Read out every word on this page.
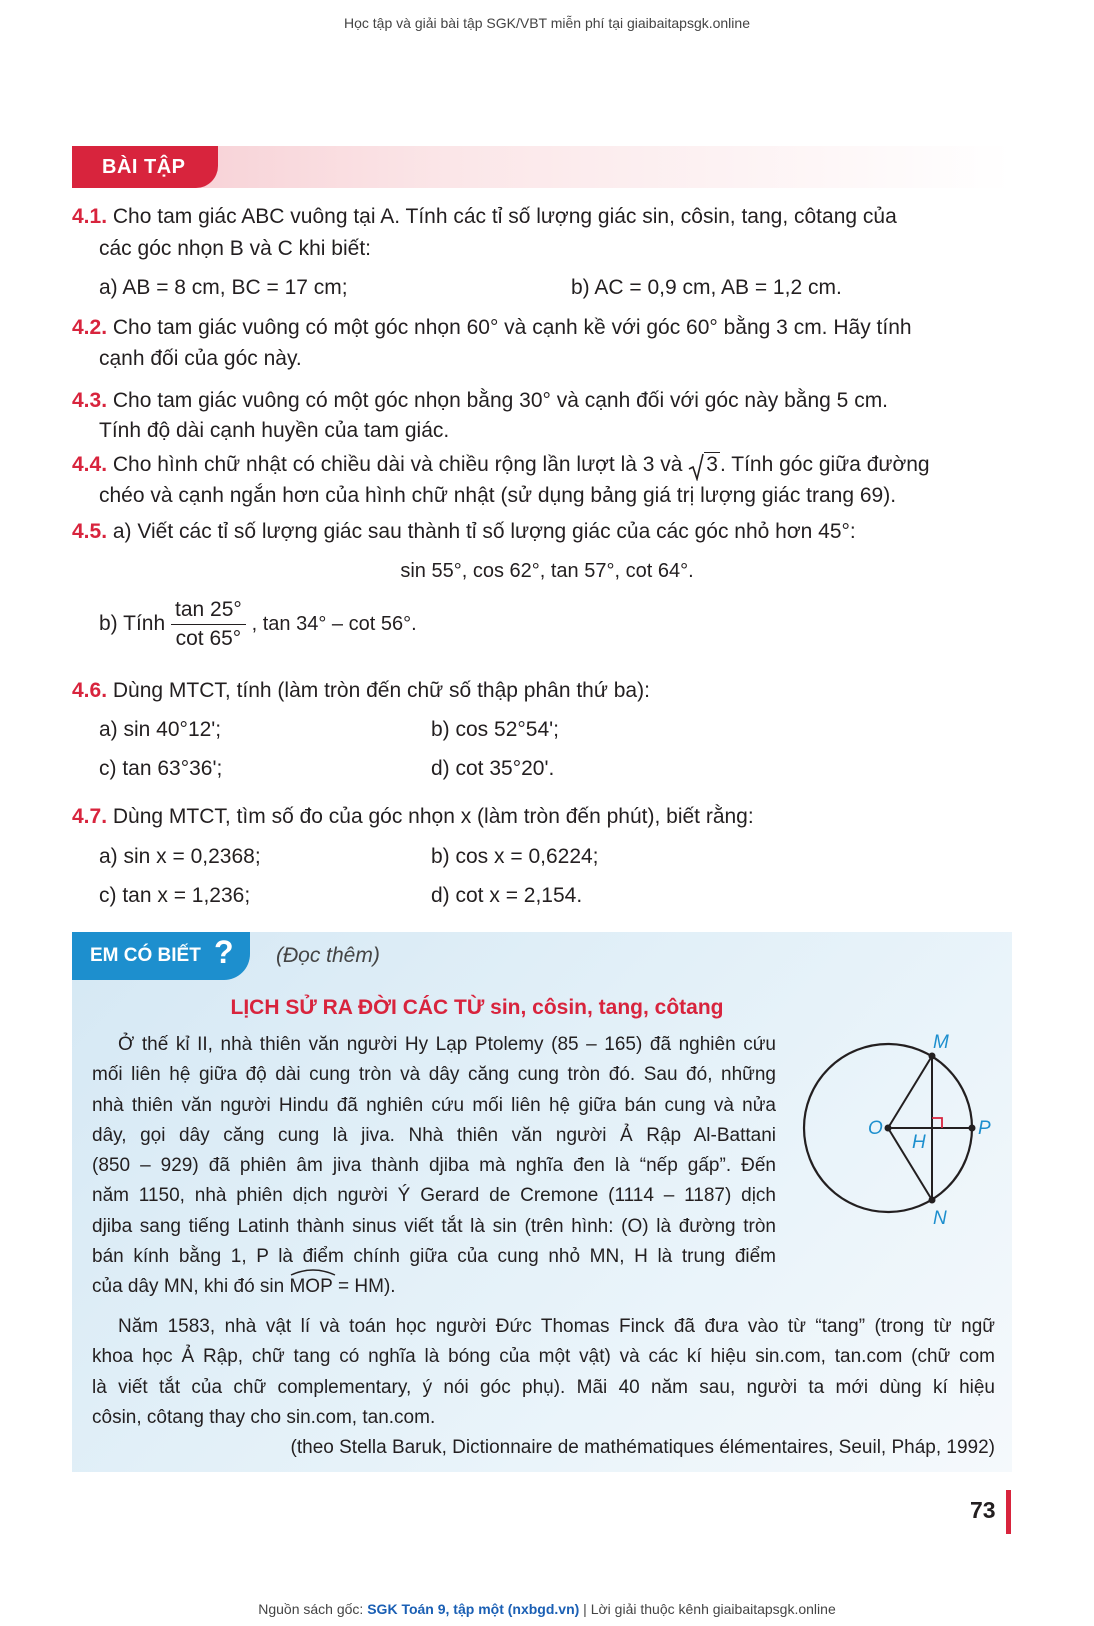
Học tập và giải bài tập SGK/VBT miễn phí tại giaibaitapsgk.online
BÀI TẬP
4.1. Cho tam giác ABC vuông tại A. Tính các tỉ số lượng giác sin, côsin, tang, côtang của
các góc nhọn B và C khi biết:
a) AB = 8 cm, BC = 17 cm;	b) AC = 0,9 cm, AB = 1,2 cm.
4.2. Cho tam giác vuông có một góc nhọn 60° và cạnh kề với góc 60° bằng 3 cm. Hãy tính
cạnh đối của góc này.
4.3. Cho tam giác vuông có một góc nhọn bằng 30° và cạnh đối với góc này bằng 5 cm.
Tính độ dài cạnh huyền của tam giác.
4.4. Cho hình chữ nhật có chiều dài và chiều rộng lần lượt là 3 và 3. Tính góc giữa đường
chéo và cạnh ngắn hơn của hình chữ nhật (sử dụng bảng giá trị lượng giác trang 69).
4.5. a) Viết các tỉ số lượng giác sau thành tỉ số lượng giác của các góc nhỏ hơn 45°:
sin 55°, cos 62°, tan 57°, cot 64°.
b) Tính $\frac{\tan 25^\circ}{\cot 65^\circ}$ , tan 34° – cot 56°.
4.6. Dùng MTCT, tính (làm tròn đến chữ số thập phân thứ ba):
a) sin 40°12';	b) cos 52°54';
c) tan 63°36';	d) cot 35°20'.
4.7. Dùng MTCT, tìm số đo của góc nhọn x (làm tròn đến phút), biết rằng:
a) sin x = 0,2368;	b) cos x = 0,6224;
c) tan x = 1,236;	d) cot x = 2,154.
EM CÓ BIẾT ? (Đọc thêm)
LỊCH SỬ RA ĐỜI CÁC TỪ sin, côsin, tang, côtang
Ở thế kỉ II, nhà thiên văn người Hy Lạp Ptolemy (85 – 165) đã nghiên cứu
mối liên hệ giữa độ dài cung tròn và dây căng cung tròn đó. Sau đó, những
nhà thiên văn người Hindu đã nghiên cứu mối liên hệ giữa bán cung và nửa
dây, gọi dây căng cung là jiva. Nhà thiên văn người Ả Rập Al-Battani
(850 – 929) đã phiên âm jiva thành djiba mà nghĩa đen là “nếp gấp”. Đến
năm 1150, nhà phiên dịch người Ý Gerard de Cremone (1114 – 1187) dịch
djiba sang tiếng Latinh thành sinus viết tắt là sin (trên hình: (O) là đường tròn
bán kính bằng 1, P là điểm chính giữa của cung nhỏ MN, H là trung điểm
của dây MN, khi đó sin MOP = HM).
M
O
H
P
N
Năm 1583, nhà vật lí và toán học người Đức Thomas Finck đã đưa vào từ “tang” (trong từ ngữ
khoa học Ả Rập, chữ tang có nghĩa là bóng của một vật) và các kí hiệu sin.com, tan.com (chữ com
là viết tắt của chữ complementary, ý nói góc phụ). Mãi 40 năm sau, người ta mới dùng kí hiệu
côsin, côtang thay cho sin.com, tan.com.
(theo Stella Baruk, Dictionnaire de mathématiques élémentaires, Seuil, Pháp, 1992)
73
Nguồn sách gốc: SGK Toán 9, tập một (nxbgd.vn) | Lời giải thuộc kênh giaibaitapsgk.online
